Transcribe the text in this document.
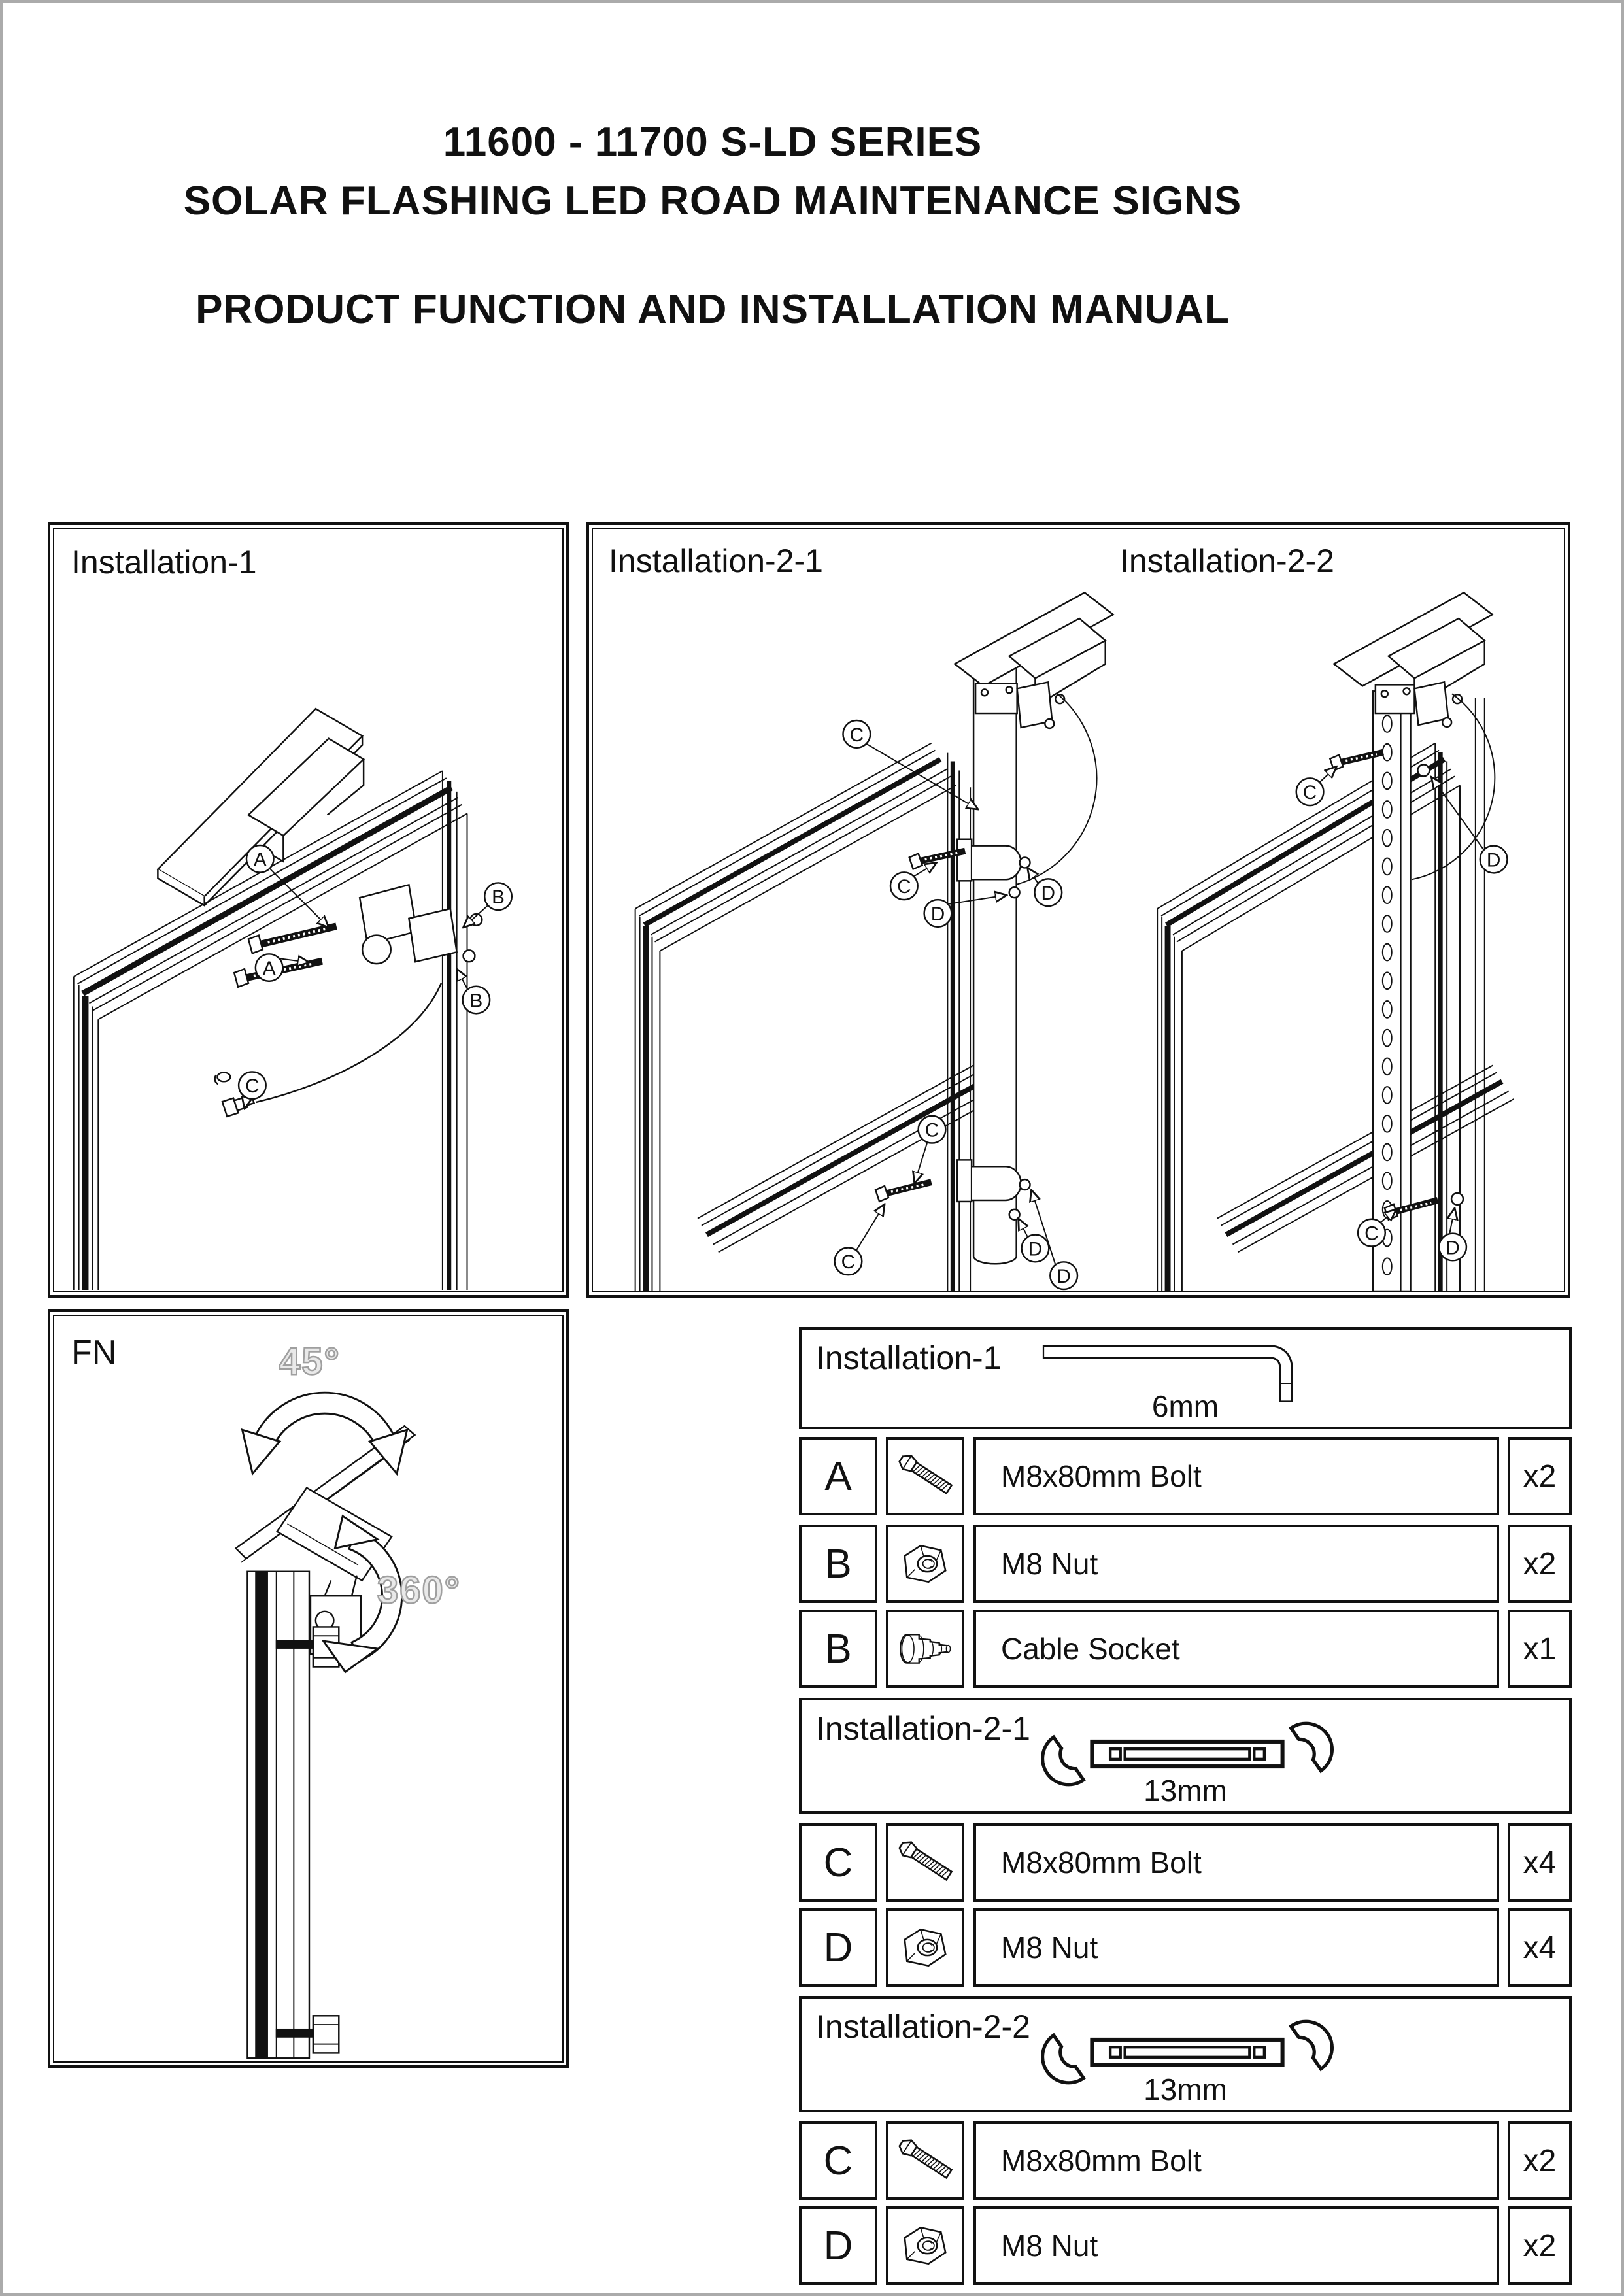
11600 - 11700 S-LD SERIES
SOLAR FLASHING LED ROAD MAINTENANCE SIGNS
PRODUCT FUNCTION AND INSTALLATION MANUAL
Installation-1
A
A
B
B
C
Installation-2-1	Installation-2-2
C
C
D
D
C
C
D
D
C
D
C
D
FN	45°
360°
Installation-1
6mm
A	M8x80mm Bolt	x2
B	M8 Nut	x2
B	Cable Socket	x1
Installation-2-1
13mm
C	M8x80mm Bolt	x4
D	M8 Nut	x4
Installation-2-2
13mm
C	M8x80mm Bolt	x2
D	M8 Nut	x2
